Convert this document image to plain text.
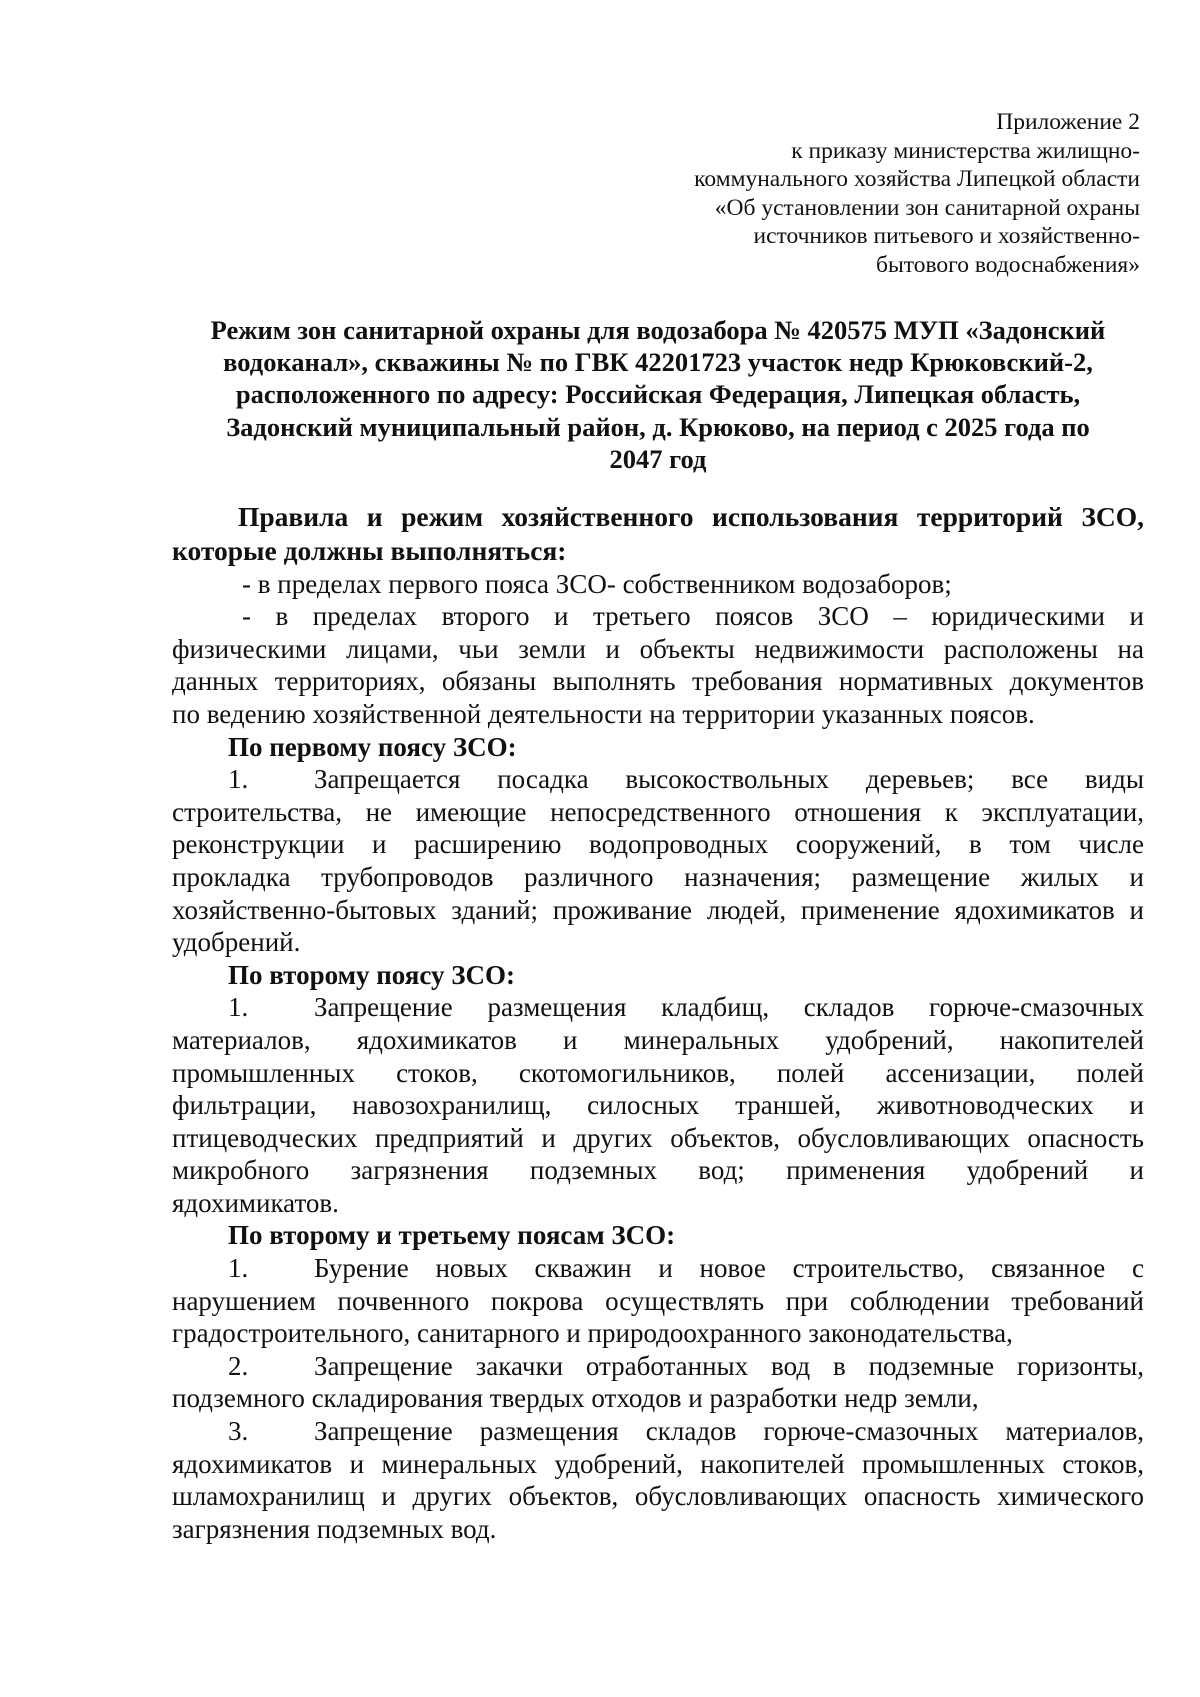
Приложение 2
к приказу министерства жилищно-
коммунального хозяйства Липецкой области
«Об установлении зон санитарной охраны
источников питьевого и хозяйственно-
бытового водоснабжения»
Режим зон санитарной охраны для водозабора № 420575 МУП «Задонский
водоканал», скважины № по ГВК 42201723 участок недр Крюковский-2,
расположенного по адресу: Российская Федерация, Липецкая область,
Задонский муниципальный район, д. Крюково, на период с 2025 года по
2047 год
Правила и режим хозяйственного использования территорий ЗСО,
которые должны выполняться:
- в пределах первого пояса ЗСО- собственником водозаборов;
- в пределах второго и третьего поясов ЗСО – юридическими и
физическими лицами, чьи земли и объекты недвижимости расположены на
данных территориях, обязаны выполнять требования нормативных документов
по ведению хозяйственной деятельности на территории указанных поясов.
По первому поясу ЗСО:
1.	Запрещается посадка высокоствольных деревьев; все виды
строительства, не имеющие непосредственного отношения к эксплуатации,
реконструкции и расширению водопроводных сооружений, в том числе
прокладка трубопроводов различного назначения; размещение жилых и
хозяйственно-бытовых зданий; проживание людей, применение ядохимикатов и
удобрений.
По второму поясу ЗСО:
1.	Запрещение размещения кладбищ, складов горюче-смазочных
материалов, ядохимикатов и минеральных удобрений, накопителей
промышленных стоков, скотомогильников, полей ассенизации, полей
фильтрации, навозохранилищ, силосных траншей, животноводческих и
птицеводческих предприятий и других объектов, обусловливающих опасность
микробного загрязнения подземных вод; применения удобрений и
ядохимикатов.
По второму и третьему поясам ЗСО:
1.	Бурение новых скважин и новое строительство, связанное с
нарушением почвенного покрова осуществлять при соблюдении требований
градостроительного, санитарного и природоохранного законодательства,
2.	Запрещение закачки отработанных вод в подземные горизонты,
подземного складирования твердых отходов и разработки недр земли,
3.	Запрещение размещения складов горюче-смазочных материалов,
ядохимикатов и минеральных удобрений, накопителей промышленных стоков,
шламохранилищ и других объектов, обусловливающих опасность химического
загрязнения подземных вод.
